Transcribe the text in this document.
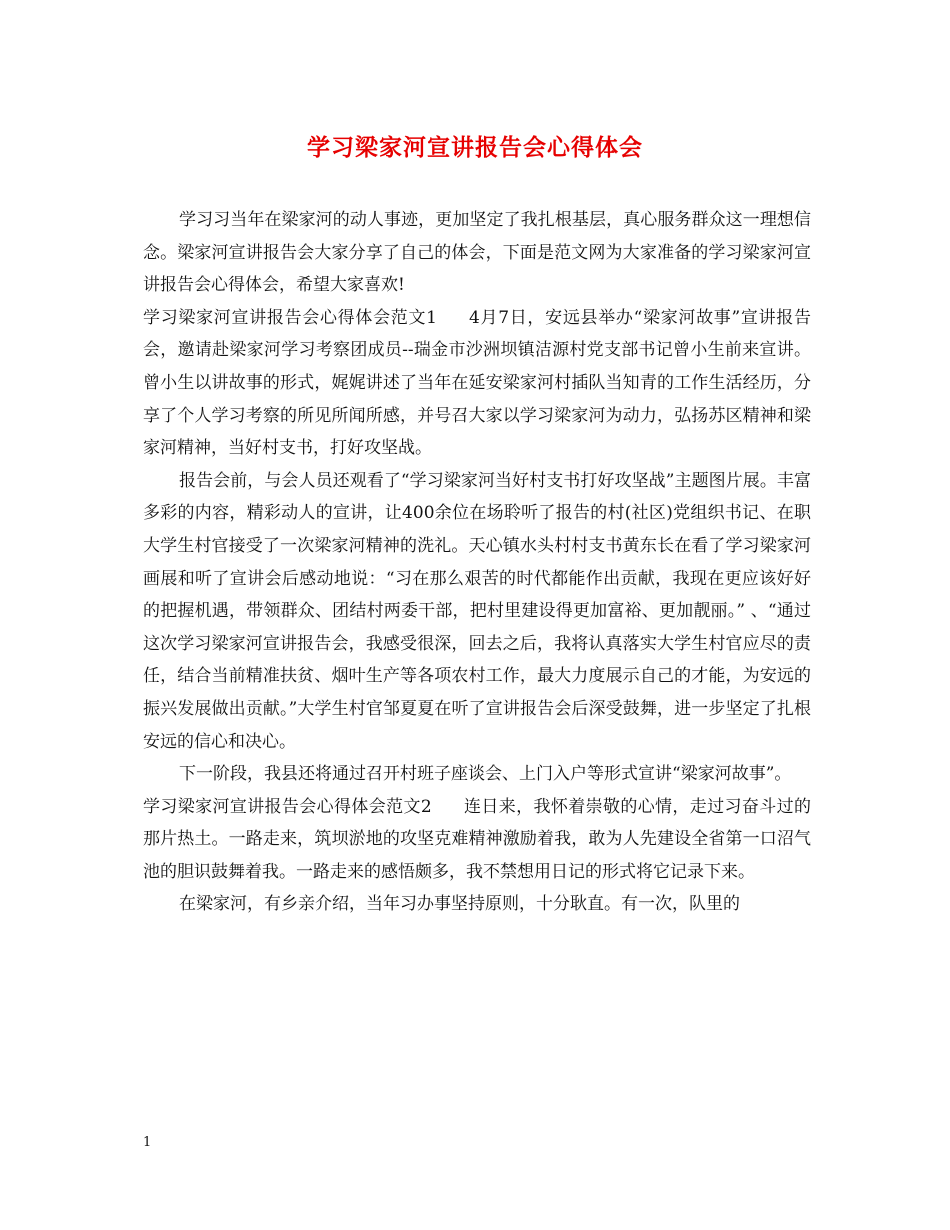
学习梁家河宣讲报告会心得体会

学习习当年在梁家河的动人事迹，更加坚定了我扎根基层，真心服务群众这一理想信念。梁家河宣讲报告会大家分享了自己的体会，下面是范文网为大家准备的学习梁家河宣讲报告会心得体会，希望大家喜欢!

学习梁家河宣讲报告会心得体会范文1 4月7日，安远县举办“梁家河故事”宣讲报告会，邀请赴梁家河学习考察团成员--瑞金市沙洲坝镇洁源村党支部书记曾小生前来宣讲。曾小生以讲故事的形式，娓娓讲述了当年在延安梁家河村插队当知青的工作生活经历，分享了个人学习考察的所见所闻所感，并号召大家以学习梁家河为动力，弘扬苏区精神和梁家河精神，当好村支书，打好攻坚战。

报告会前，与会人员还观看了“学习梁家河当好村支书打好攻坚战”主题图片展。丰富多彩的内容，精彩动人的宣讲，让400余位在场聆听了报告的村(社区)党组织书记、在职大学生村官接受了一次梁家河精神的洗礼。天心镇水头村村支书黄东长在看了学习梁家河画展和听了宣讲会后感动地说：“习在那么艰苦的时代都能作出贡献，我现在更应该好好的把握机遇，带领群众、团结村两委干部，把村里建设得更加富裕、更加靓丽。” 、“通过这次学习梁家河宣讲报告会，我感受很深，回去之后，我将认真落实大学生村官应尽的责任，结合当前精准扶贫、烟叶生产等各项农村工作，最大力度展示自己的才能，为安远的振兴发展做出贡献。”大学生村官邹夏夏在听了宣讲报告会后深受鼓舞，进一步坚定了扎根安远的信心和决心。

下一阶段，我县还将通过召开村班子座谈会、上门入户等形式宣讲“梁家河故事”。

学习梁家河宣讲报告会心得体会范文2 连日来，我怀着崇敬的心情，走过习奋斗过的那片热土。一路走来，筑坝淤地的攻坚克难精神激励着我，敢为人先建设全省第一口沼气池的胆识鼓舞着我。一路走来的感悟颇多，我不禁想用日记的形式将它记录下来。

在梁家河，有乡亲介绍，当年习办事坚持原则，十分耿直。有一次，队里的

1
